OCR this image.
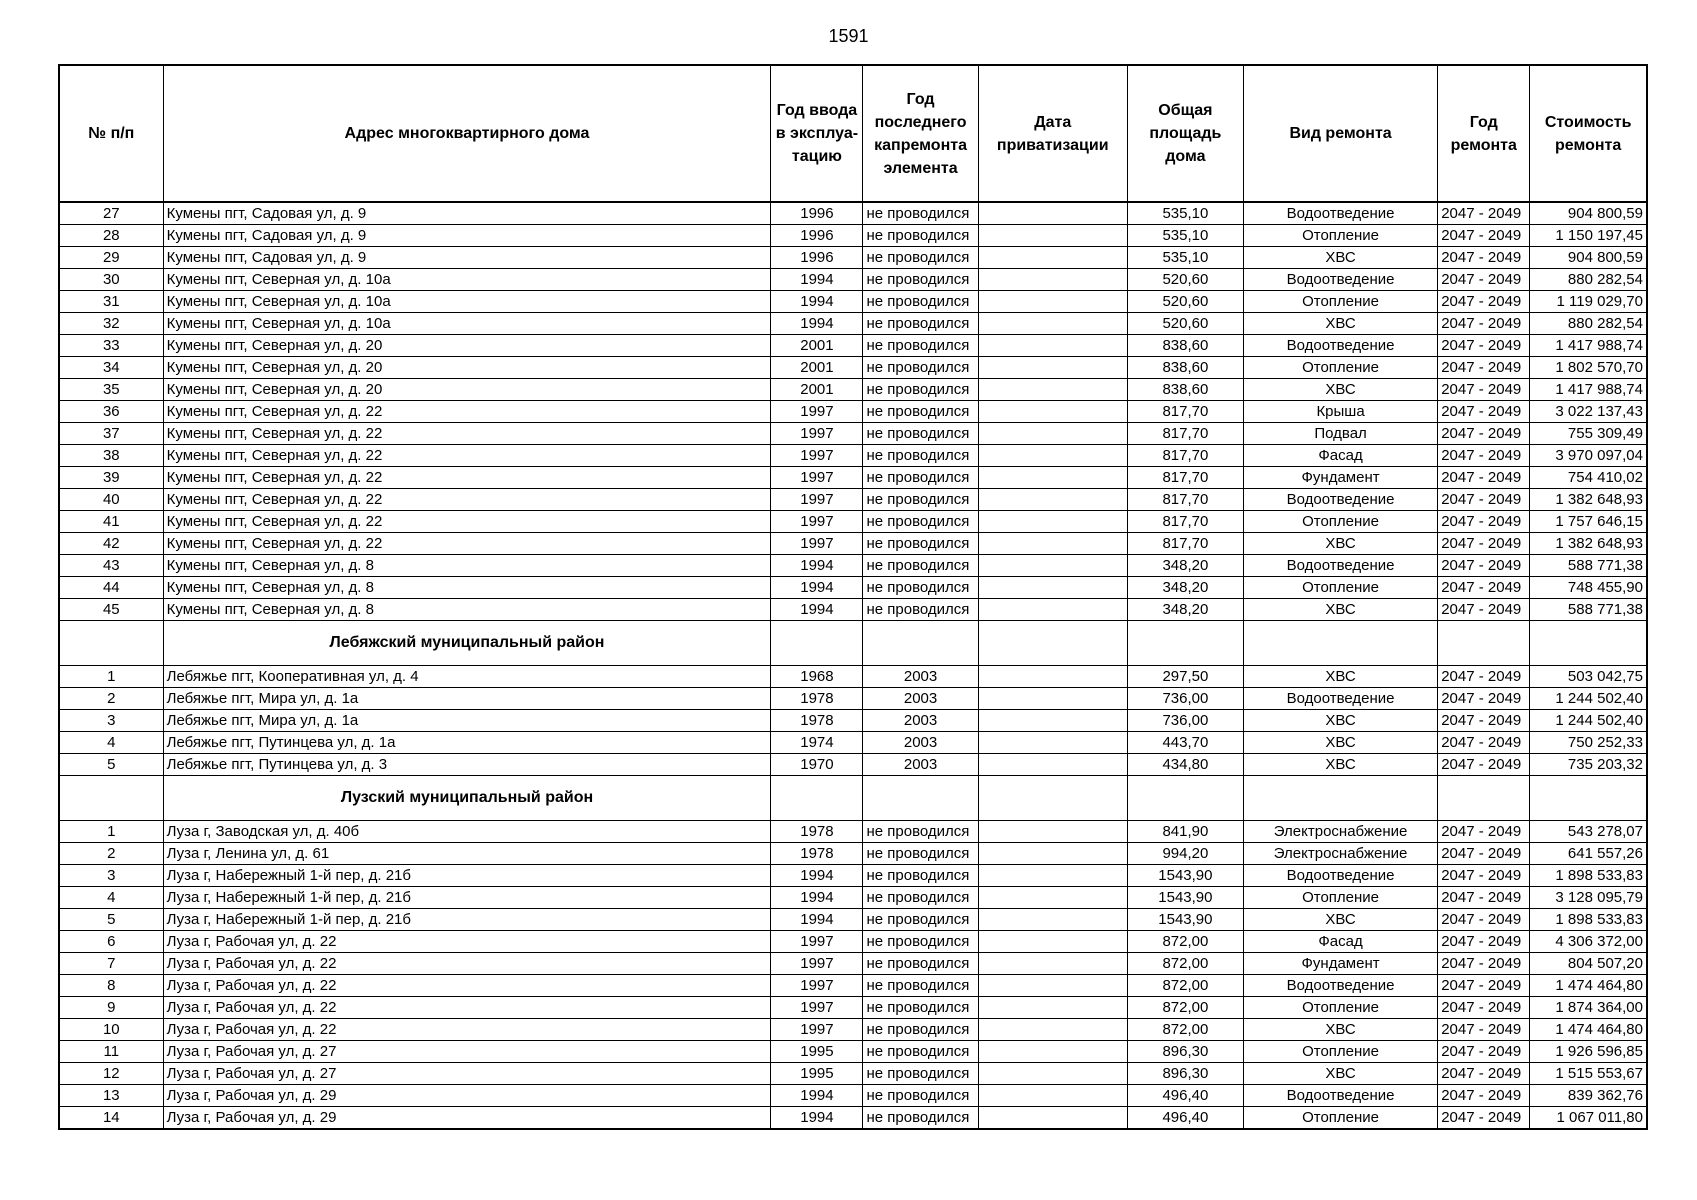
1591
№ п/п	Адрес многоквартирного дома	Год ввода в эксплуа-тацию	Год последнего капремонта элемента	Дата приватизации	Общая площадь дома	Вид ремонта	Год ремонта	Стоимость ремонта
27	Кумены пгт, Садовая ул, д. 9	1996	не проводился		535,10	Водоотведение	2047 - 2049	904 800,59
28	Кумены пгт, Садовая ул, д. 9	1996	не проводился		535,10	Отопление	2047 - 2049	1 150 197,45
29	Кумены пгт, Садовая ул, д. 9	1996	не проводился		535,10	ХВС	2047 - 2049	904 800,59
30	Кумены пгт, Северная ул, д. 10а	1994	не проводился		520,60	Водоотведение	2047 - 2049	880 282,54
31	Кумены пгт, Северная ул, д. 10а	1994	не проводился		520,60	Отопление	2047 - 2049	1 119 029,70
32	Кумены пгт, Северная ул, д. 10а	1994	не проводился		520,60	ХВС	2047 - 2049	880 282,54
33	Кумены пгт, Северная ул, д. 20	2001	не проводился		838,60	Водоотведение	2047 - 2049	1 417 988,74
34	Кумены пгт, Северная ул, д. 20	2001	не проводился		838,60	Отопление	2047 - 2049	1 802 570,70
35	Кумены пгт, Северная ул, д. 20	2001	не проводился		838,60	ХВС	2047 - 2049	1 417 988,74
36	Кумены пгт, Северная ул, д. 22	1997	не проводился		817,70	Крыша	2047 - 2049	3 022 137,43
37	Кумены пгт, Северная ул, д. 22	1997	не проводился		817,70	Подвал	2047 - 2049	755 309,49
38	Кумены пгт, Северная ул, д. 22	1997	не проводился		817,70	Фасад	2047 - 2049	3 970 097,04
39	Кумены пгт, Северная ул, д. 22	1997	не проводился		817,70	Фундамент	2047 - 2049	754 410,02
40	Кумены пгт, Северная ул, д. 22	1997	не проводился		817,70	Водоотведение	2047 - 2049	1 382 648,93
41	Кумены пгт, Северная ул, д. 22	1997	не проводился		817,70	Отопление	2047 - 2049	1 757 646,15
42	Кумены пгт, Северная ул, д. 22	1997	не проводился		817,70	ХВС	2047 - 2049	1 382 648,93
43	Кумены пгт, Северная ул, д. 8	1994	не проводился		348,20	Водоотведение	2047 - 2049	588 771,38
44	Кумены пгт, Северная ул, д. 8	1994	не проводился		348,20	Отопление	2047 - 2049	748 455,90
45	Кумены пгт, Северная ул, д. 8	1994	не проводился		348,20	ХВС	2047 - 2049	588 771,38
	Лебяжский муниципальный район							
1	Лебяжье пгт, Кооперативная ул, д. 4	1968	2003		297,50	ХВС	2047 - 2049	503 042,75
2	Лебяжье пгт, Мира ул, д. 1а	1978	2003		736,00	Водоотведение	2047 - 2049	1 244 502,40
3	Лебяжье пгт, Мира ул, д. 1а	1978	2003		736,00	ХВС	2047 - 2049	1 244 502,40
4	Лебяжье пгт, Путинцева ул, д. 1а	1974	2003		443,70	ХВС	2047 - 2049	750 252,33
5	Лебяжье пгт, Путинцева ул, д. 3	1970	2003		434,80	ХВС	2047 - 2049	735 203,32
	Лузский муниципальный район							
1	Луза г, Заводская ул, д. 40б	1978	не проводился		841,90	Электроснабжение	2047 - 2049	543 278,07
2	Луза г, Ленина ул, д. 61	1978	не проводился		994,20	Электроснабжение	2047 - 2049	641 557,26
3	Луза г, Набережный 1-й пер, д. 21б	1994	не проводился		1543,90	Водоотведение	2047 - 2049	1 898 533,83
4	Луза г, Набережный 1-й пер, д. 21б	1994	не проводился		1543,90	Отопление	2047 - 2049	3 128 095,79
5	Луза г, Набережный 1-й пер, д. 21б	1994	не проводился		1543,90	ХВС	2047 - 2049	1 898 533,83
6	Луза г, Рабочая ул, д. 22	1997	не проводился		872,00	Фасад	2047 - 2049	4 306 372,00
7	Луза г, Рабочая ул, д. 22	1997	не проводился		872,00	Фундамент	2047 - 2049	804 507,20
8	Луза г, Рабочая ул, д. 22	1997	не проводился		872,00	Водоотведение	2047 - 2049	1 474 464,80
9	Луза г, Рабочая ул, д. 22	1997	не проводился		872,00	Отопление	2047 - 2049	1 874 364,00
10	Луза г, Рабочая ул, д. 22	1997	не проводился		872,00	ХВС	2047 - 2049	1 474 464,80
11	Луза г, Рабочая ул, д. 27	1995	не проводился		896,30	Отопление	2047 - 2049	1 926 596,85
12	Луза г, Рабочая ул, д. 27	1995	не проводился		896,30	ХВС	2047 - 2049	1 515 553,67
13	Луза г, Рабочая ул, д. 29	1994	не проводился		496,40	Водоотведение	2047 - 2049	839 362,76
14	Луза г, Рабочая ул, д. 29	1994	не проводился		496,40	Отопление	2047 - 2049	1 067 011,80
